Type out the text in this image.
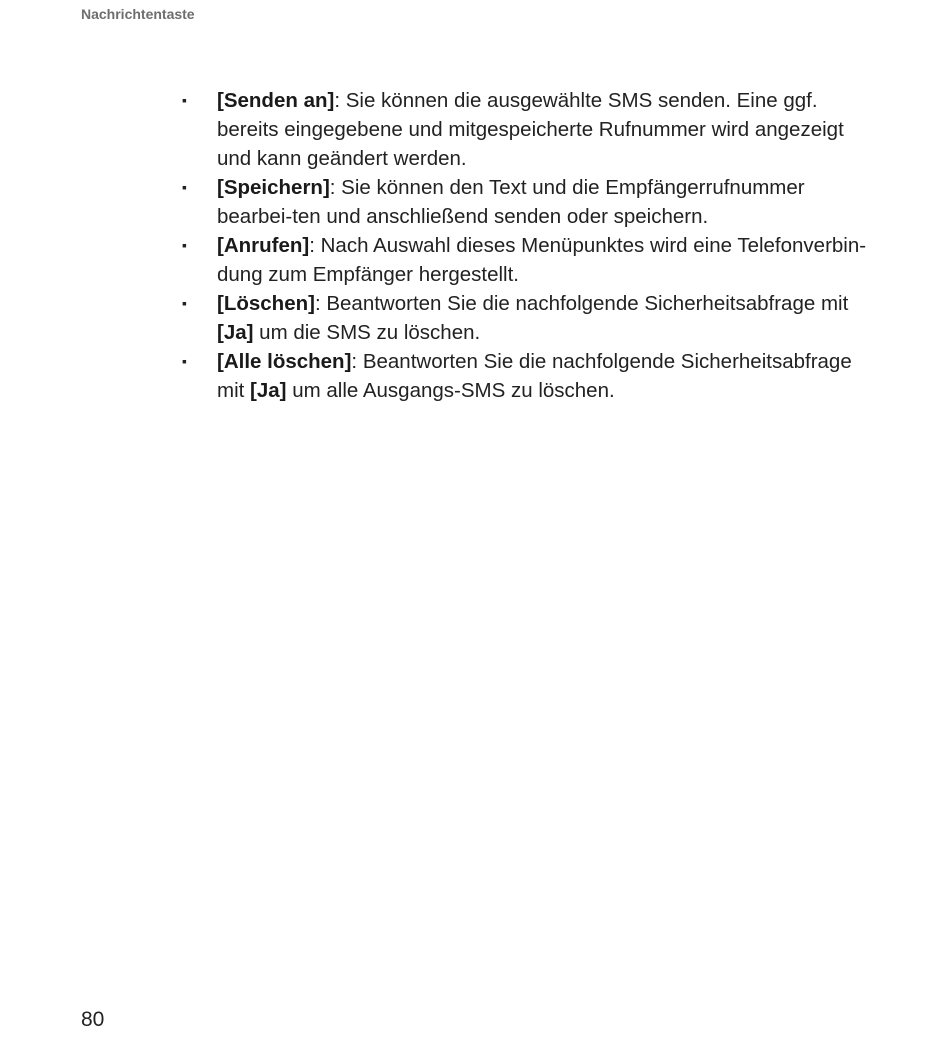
Nachrichtentaste
▪ [Senden an]: Sie können die ausgewählte SMS senden. Eine ggf. bereits eingegebene und mitgespeicherte Rufnummer wird angezeigt und kann geändert werden.
▪ [Speichern]: Sie können den Text und die Empfängerrufnummer bearbei-ten und anschließend senden oder speichern.
▪ [Anrufen]: Nach Auswahl dieses Menüpunktes wird eine Telefonverbin-dung zum Empfänger hergestellt.
▪ [Löschen]: Beantworten Sie die nachfolgende Sicherheitsabfrage mit [Ja] um die SMS zu löschen.
▪ [Alle löschen]: Beantworten Sie die nachfolgende Sicherheitsabfrage mit [Ja] um alle Ausgangs-SMS zu löschen.
80
